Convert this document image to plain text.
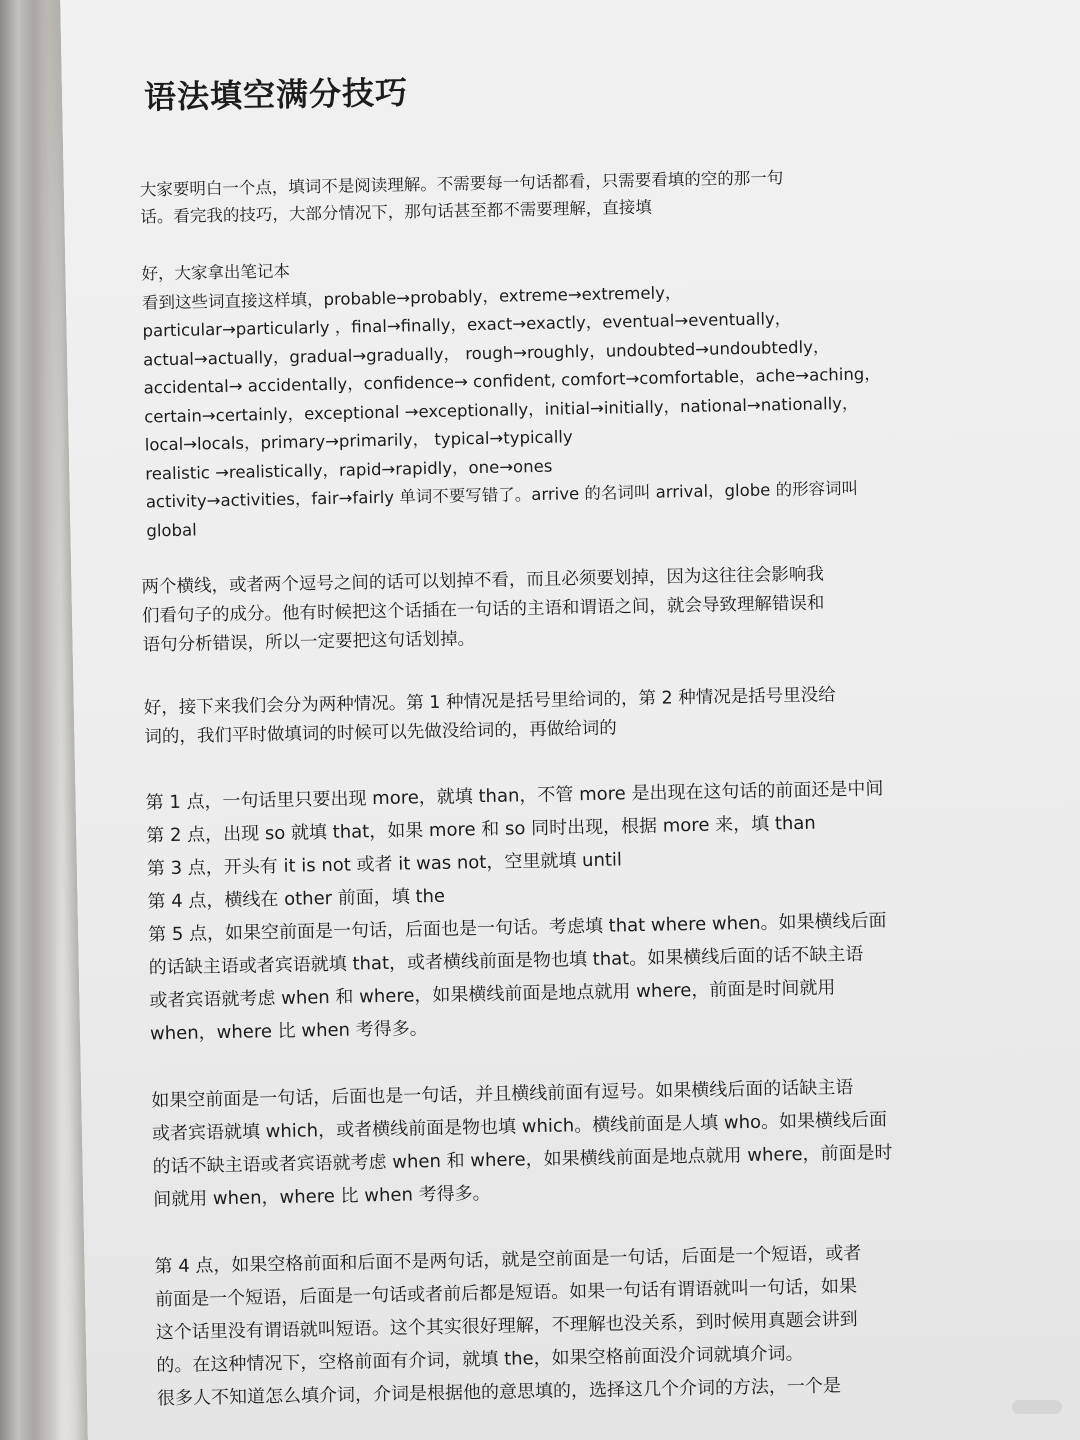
语法填空满分技巧
大家要明白一个点，填词不是阅读理解。不需要每一句话都看，只需要看填的空的那一句
话。看完我的技巧，大部分情况下，那句话甚至都不需要理解，直接填
好，大家拿出笔记本
看到这些词直接这样填，probable→probably，extreme→extremely，
particular→particularly ，final→finally，exact→exactly，eventual→eventually，
actual→actually，gradual→gradually， rough→roughly，undoubted→undoubtedly，
accidental→ accidentally，confidence→ confident, comfort→comfortable，ache→aching，
certain→certainly，exceptional →exceptionally，initial→initially，national→nationally，
local→locals，primary→primarily， typical→typically
realistic →realistically，rapid→rapidly，one→ones
activity→activities，fair→fairly 单词不要写错了。arrive 的名词叫 arrival，globe 的形容词叫
global
两个横线，或者两个逗号之间的话可以划掉不看，而且必须要划掉，因为这往往会影响我
们看句子的成分。他有时候把这个话插在一句话的主语和谓语之间，就会导致理解错误和
语句分析错误，所以一定要把这句话划掉。
好，接下来我们会分为两种情况。第 1 种情况是括号里给词的，第 2 种情况是括号里没给
词的，我们平时做填词的时候可以先做没给词的，再做给词的
第 1 点，一句话里只要出现 more，就填 than，不管 more 是出现在这句话的前面还是中间
第 2 点，出现 so 就填 that，如果 more 和 so 同时出现，根据 more 来，填 than
第 3 点，开头有 it is not 或者 it was not，空里就填 until
第 4 点，横线在 other 前面，填 the
第 5 点，如果空前面是一句话，后面也是一句话。考虑填 that where when。如果横线后面
的话缺主语或者宾语就填 that，或者横线前面是物也填 that。如果横线后面的话不缺主语
或者宾语就考虑 when 和 where，如果横线前面是地点就用 where，前面是时间就用
when，where 比 when 考得多。
如果空前面是一句话，后面也是一句话，并且横线前面有逗号。如果横线后面的话缺主语
或者宾语就填 which，或者横线前面是物也填 which。横线前面是人填 who。如果横线后面
的话不缺主语或者宾语就考虑 when 和 where，如果横线前面是地点就用 where，前面是时
间就用 when，where 比 when 考得多。
第 4 点，如果空格前面和后面不是两句话，就是空前面是一句话，后面是一个短语，或者
前面是一个短语，后面是一句话或者前后都是短语。如果一句话有谓语就叫一句话，如果
这个话里没有谓语就叫短语。这个其实很好理解，不理解也没关系，到时候用真题会讲到
的。在这种情况下，空格前面有介词，就填 the，如果空格前面没介词就填介词。
很多人不知道怎么填介词，介词是根据他的意思填的，选择这几个介词的方法，一个是
